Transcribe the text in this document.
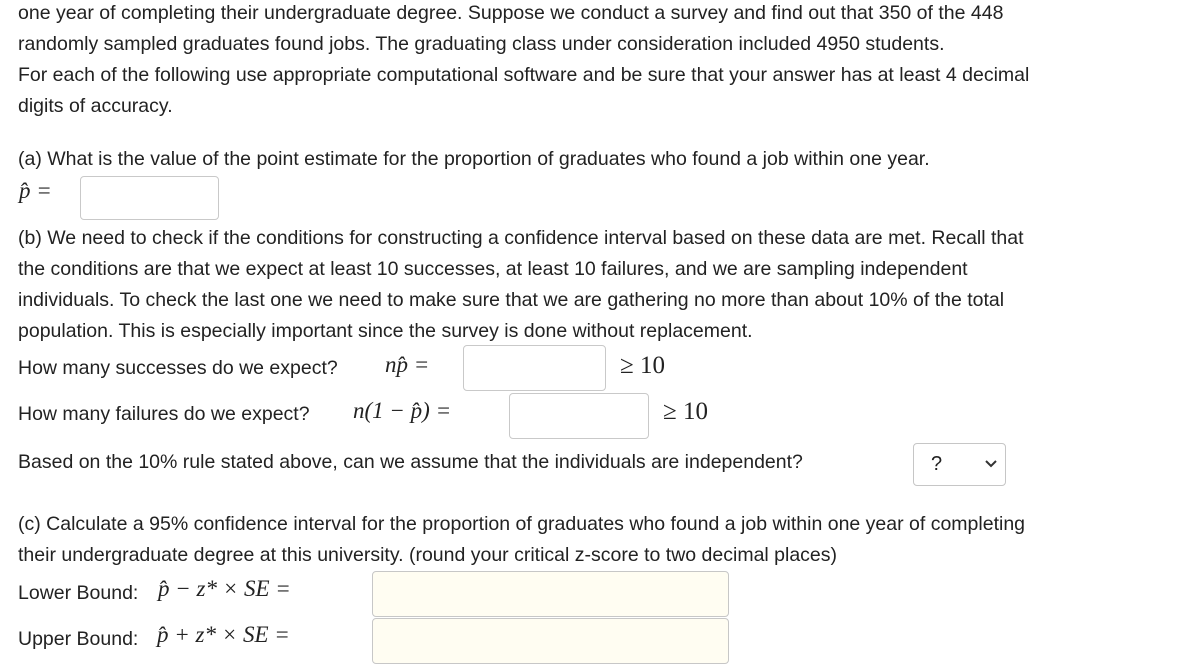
one year of completing their undergraduate degree. Suppose we conduct a survey and find out that 350 of the 448
randomly sampled graduates found jobs. The graduating class under consideration included 4950 students.
For each of the following use appropriate computational software and be sure that your answer has at least 4 decimal
digits of accuracy.
(a) What is the value of the point estimate for the proportion of graduates who found a job within one year.
p̂ =
(b) We need to check if the conditions for constructing a confidence interval based on these data are met. Recall that
the conditions are that we expect at least 10 successes, at least 10 failures, and we are sampling independent
individuals. To check the last one we need to make sure that we are gathering no more than about 10% of the total
population. This is especially important since the survey is done without replacement.
How many successes do we expect? np̂ =	≥ 10
How many failures do we expect? n(1 − p̂) =	≥ 10
Based on the 10% rule stated above, can we assume that the individuals are independent?	?
(c) Calculate a 95% confidence interval for the proportion of graduates who found a job within one year of completing
their undergraduate degree at this university. (round your critical z-score to two decimal places)
Lower Bound: p̂ − z* × SE =
Upper Bound: p̂ + z* × SE =
